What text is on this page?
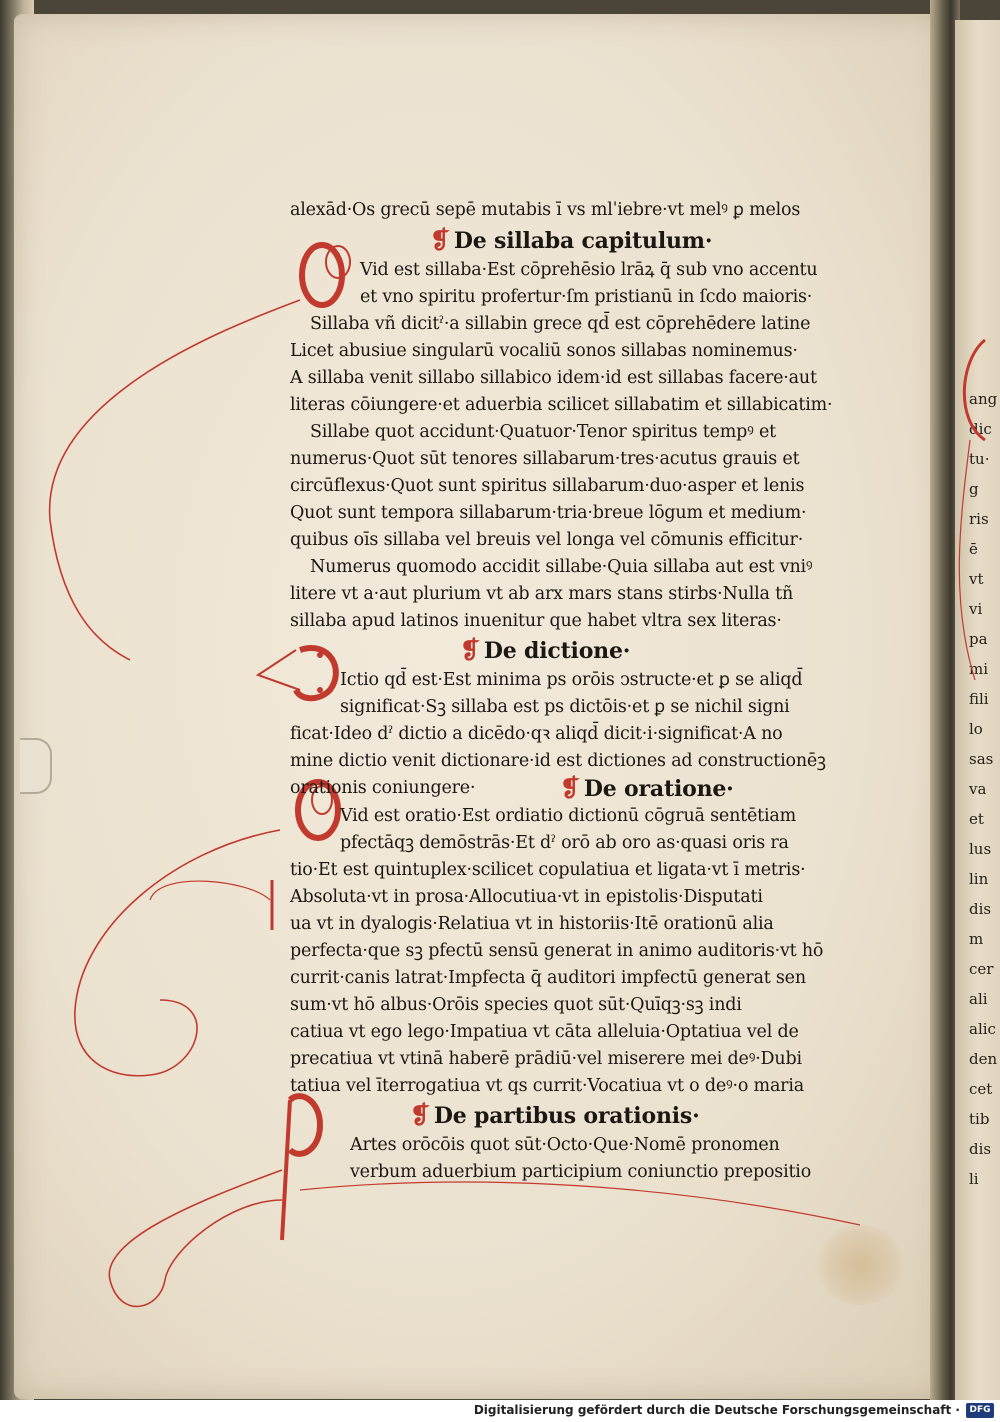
ang
dic
tu·
g
ris
ē
vt
vi
pa
mi
fili
lo
sas
va
et
lus
lin
dis
m
cer
ali
alic
den
cet
tib
dis
li
alexād·Os grecū sepē mutabis ī vs mlˈiebre·vt melꝰ ꝑ melos
❡ De sillaba capitulum·
Vid est sillaba·Est cōprehēsio lrāꝝ q̄ sub vno accentu
et vno spiritu profertur·ſm pristianū in ſcdo maioris·
Sillaba vñ dicitˀ·a sillabin grece qd̄ est cōprehēdere latine
Licet abusiue singularū vocaliū sonos sillabas nominemus·
A sillaba venit sillabo sillabico idem·id est sillabas facere·aut
literas cōiungere·et aduerbia scilicet sillabatim et sillabicatim·
Sillabe quot accidunt·Quatuor·Tenor spiritus tempꝰ et
numerus·Quot sūt tenores sillabarum·tres·acutus grauis et
circūflexus·Quot sunt spiritus sillabarum·duo·asper et lenis
Quot sunt tempora sillabarum·tria·breue lōgum et medium·
quibus oīs sillaba vel breuis vel longa vel cōmunis efficitur·
Numerus quomodo accidit sillabe·Quia sillaba aut est vniꝰ
litere vt a·aut plurium vt ab arx mars stans stirbs·Nulla tñ
sillaba apud latinos inuenitur que habet vltra sex literas·
❡ De dictione·
Ictio qd̄ est·Est minima ps orōis ↄstructe·et ꝑ se aliqd̄
significat·Sꝫ sillaba est ps dictōis·et ꝑ se nichil signi
ficat·Ideo dˀ dictio a dicēdo·qꝛ aliqd̄ dicit·i·significat·A no
mine dictio venit dictionare·id est dictiones ad constructionēꝫ
orationis coniungere·	❡ De oratione·
Vid est oratio·Est ordiatio dictionū cōgruā sentētiam
pfectāqꝫ demōstrās·Et dˀ orō ab oro as·quasi oris ra
tio·Et est quintuplex·scilicet copulatiua et ligata·vt ī metris·
Absoluta·vt in prosa·Allocutiua·vt in epistolis·Disputati
ua vt in dyalogis·Relatiua vt in historiis·Itē orationū alia
perfecta·que sꝫ pfectū sensū generat in animo auditoris·vt hō
currit·canis latrat·Impfecta q̄ auditori impfectū generat sen
sum·vt hō albus·Orōis species quot sūt·Quīqꝫ·sꝫ indi
catiua vt ego lego·Impatiua vt cāta alleluia·Optatiua vel de
precatiua vt vtinā haberē prādiū·vel miserere mei deꝰ·Dubi
tatiua vel īterrogatiua vt qs currit·Vocatiua vt o deꝰ·o maria
❡ De partibus orationis·
Artes orōcōis quot sūt·Octo·Que·Nomē pronomen
verbum aduerbium participium coniunctio prepositio
Digitalisierung gefördert durch die Deutsche Forschungsgemeinschaft ·	DFG
